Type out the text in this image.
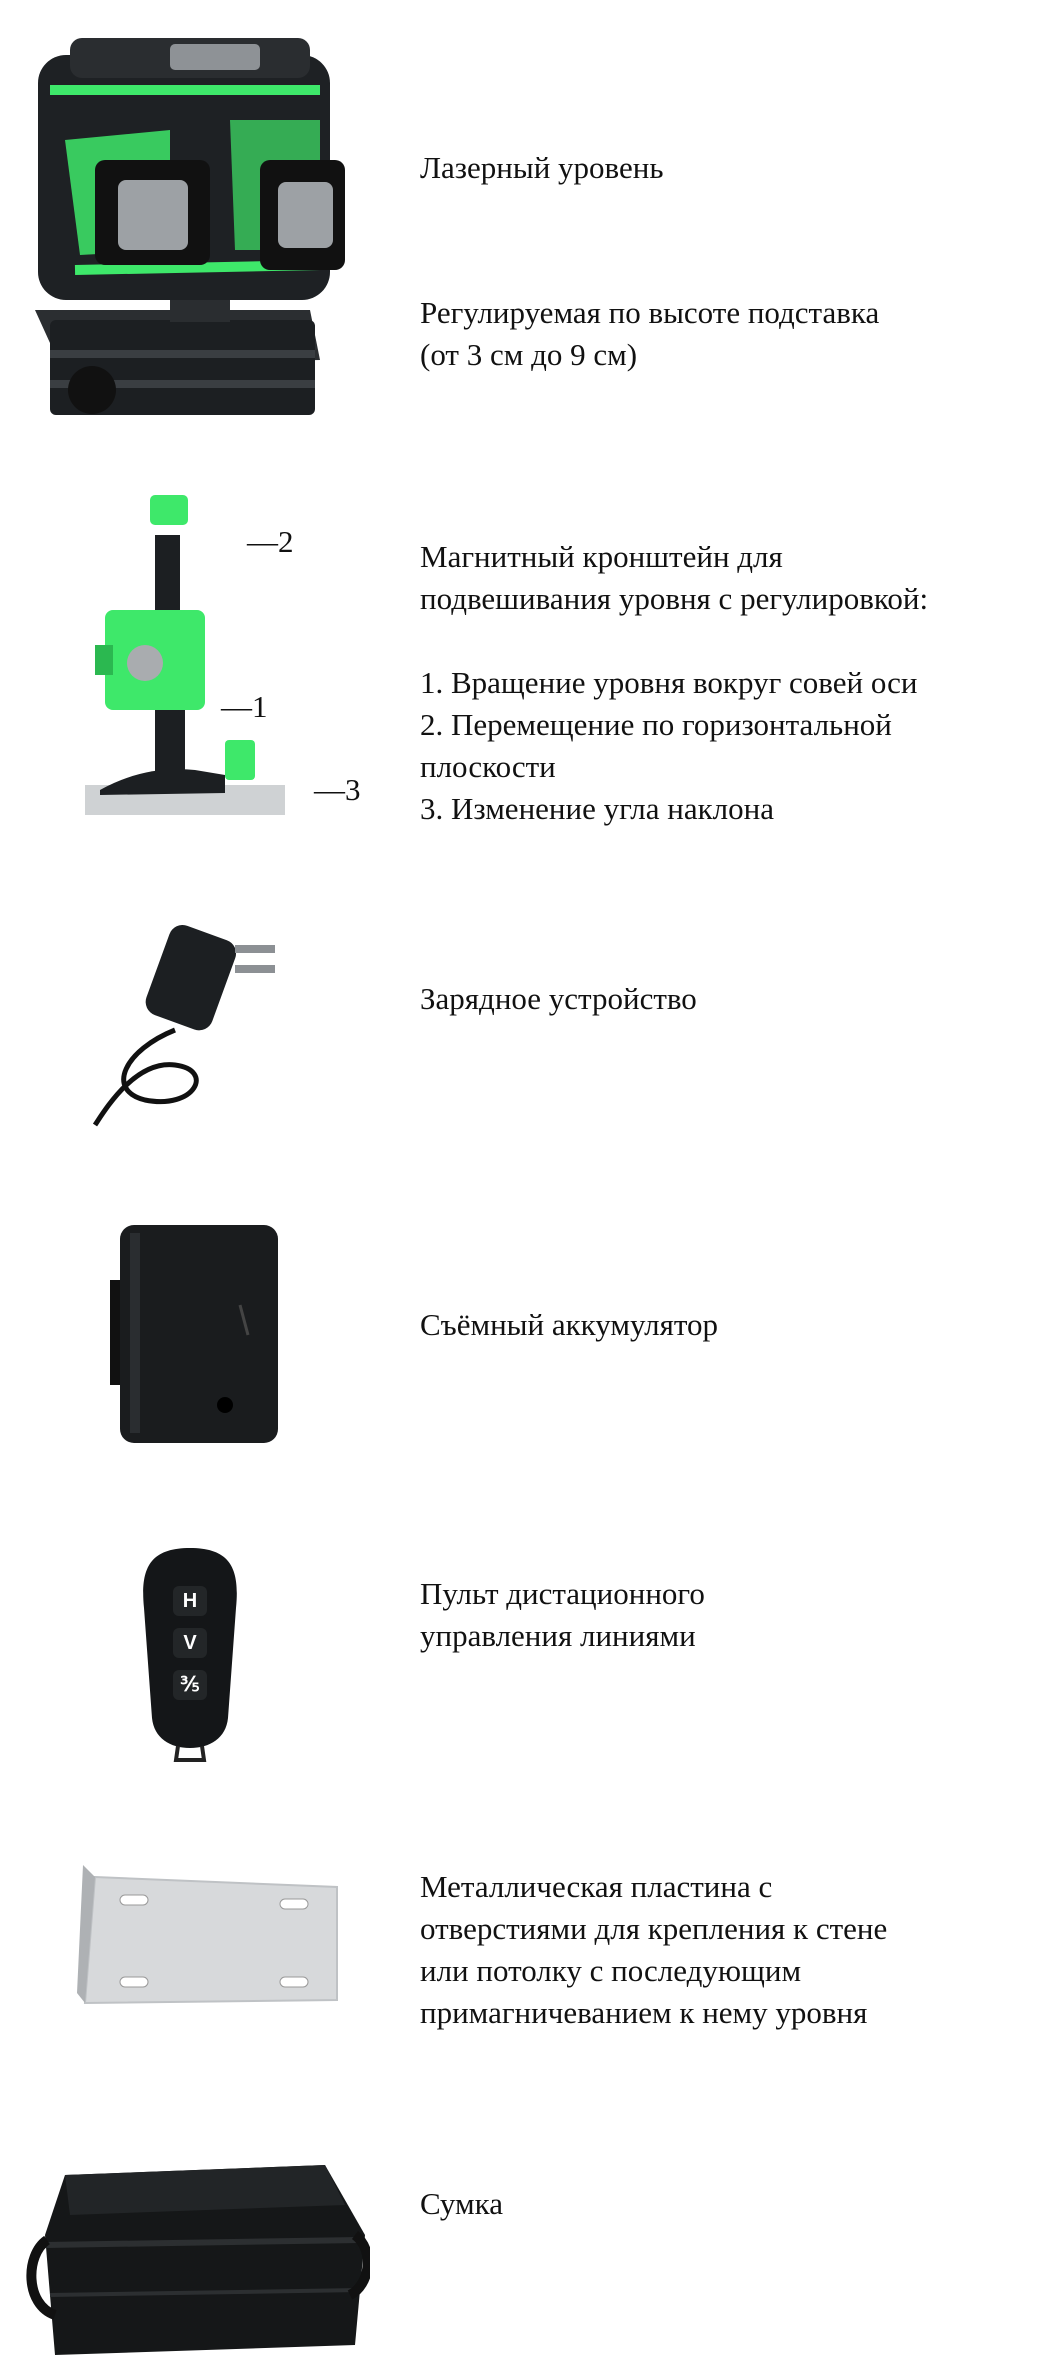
Лазерный уровень
Регулируемая по высоте подставка
(от 3 см до 9 см)
—2
—1
—3
Магнитный кронштейн для
подвешивания уровня с регулировкой:
1. Вращение уровня вокруг совей оси
2. Перемещение по горизонтальной
плоскости
3. Изменение угла наклона
Зарядное устройство
Съёмный аккумулятор
H
V
⅗
Пульт дистационного
управления линиями
Металлическая пластина с
отверстиями для крепления к стене
или потолку с последующим
примагничеванием к нему уровня
Сумка
